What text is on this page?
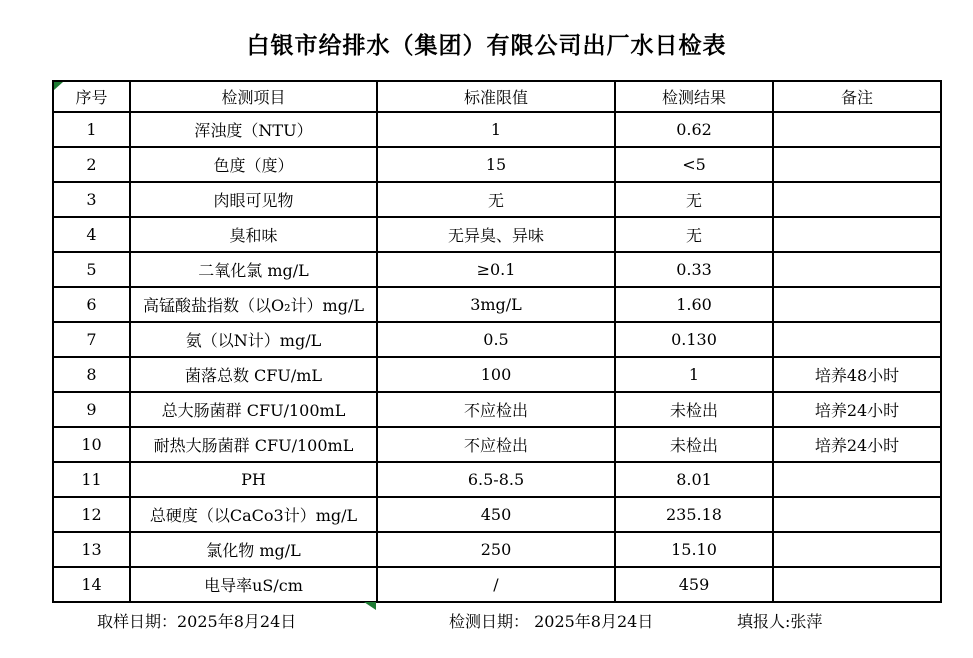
白银市给排水（集团）有限公司出厂水日检表
序号	检测项目	标准限值	检测结果	备注
1	浑浊度（NTU）	1	0.62	
2	色度（度）	15	<5	
3	肉眼可见物	无	无	
4	臭和味	无异臭、异味	无	
5	二氧化氯 mg/L	≥0.1	0.33	
6	高锰酸盐指数（以O₂计）mg/L	3mg/L	1.60	
7	氨（以N计）mg/L	0.5	0.130	
8	菌落总数 CFU/mL	100	1	培养48小时
9	总大肠菌群 CFU/100mL	不应检出	未检出	培养24小时
10	耐热大肠菌群 CFU/100mL	不应检出	未检出	培养24小时
11	PH	6.5-8.5	8.01	
12	总硬度（以CaCo3计）mg/L	450	235.18	
13	氯化物 mg/L	250	15.10	
14	电导率uS/cm	/	459	
取样日期：2025年8月24日	检测日期： 2025年8月24日	填报人:张萍
